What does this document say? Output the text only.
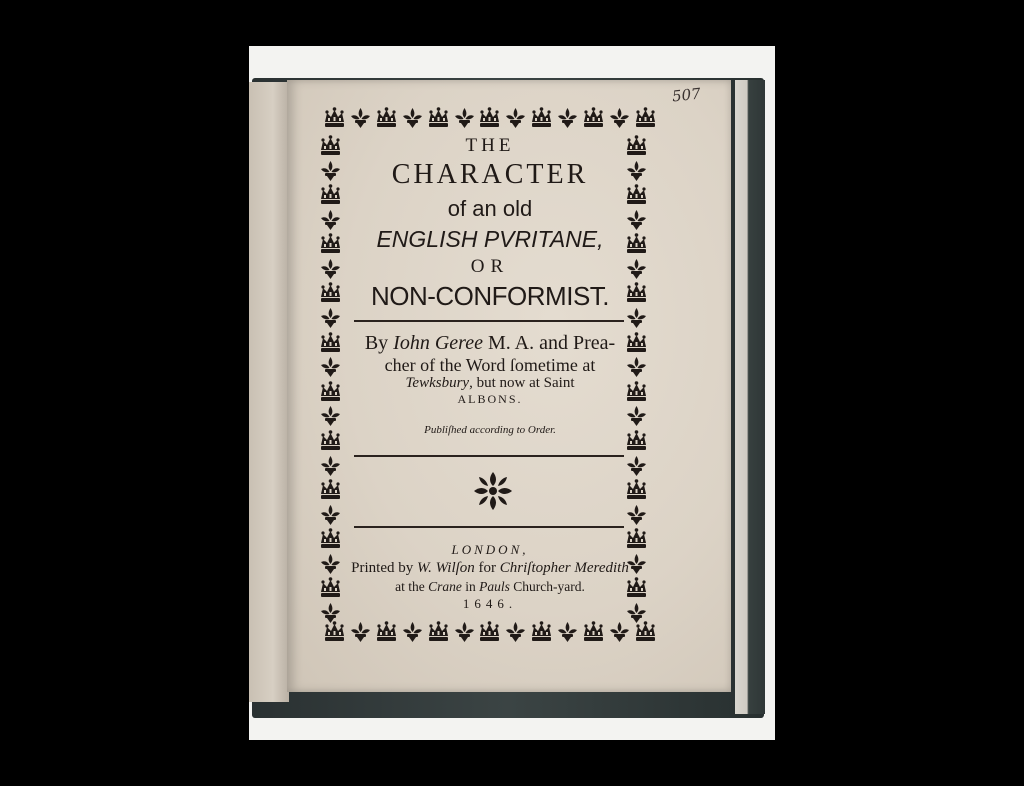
507
THE
CHARACTER
of an old
ENGLISH PVRITANE,
OR
NON-CONFORMIST.
By Iohn Geree M. A. and Prea-
cher of the Word ſometime at
Tewksbury, but now at Saint
ALBONS.
Publiſhed according to Order.
LONDON,
Printed by W. Wilſon for Chriſtopher Meredith
at the Crane in Pauls Church-yard.
1646.
